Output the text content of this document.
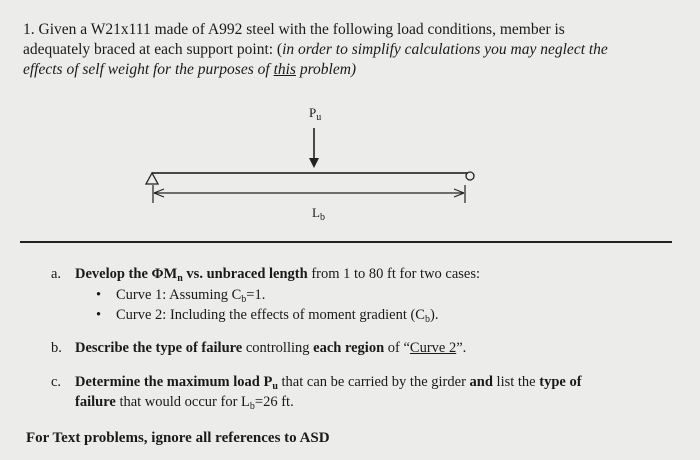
1. Given a W21x111 made of A992 steel with the following load conditions, member is
adequately braced at each support point: (in order to simplify calculations you may neglect the
effects of self weight for the purposes of this problem)
$P_u$
$L_b$
a. Develop the $\Phi M_n$ vs. unbraced length from 1 to 80 ft for two cases:
• Curve 1: Assuming $C_b=1$.
• Curve 2: Including the effects of moment gradient $(C_b)$.
b. Describe the type of failure controlling each region of “Curve 2”.
c. Determine the maximum load $P_u$ that can be carried by the girder and list the type of
failure that would occur for $L_b=26$ ft.
For Text problems, ignore all references to ASD
